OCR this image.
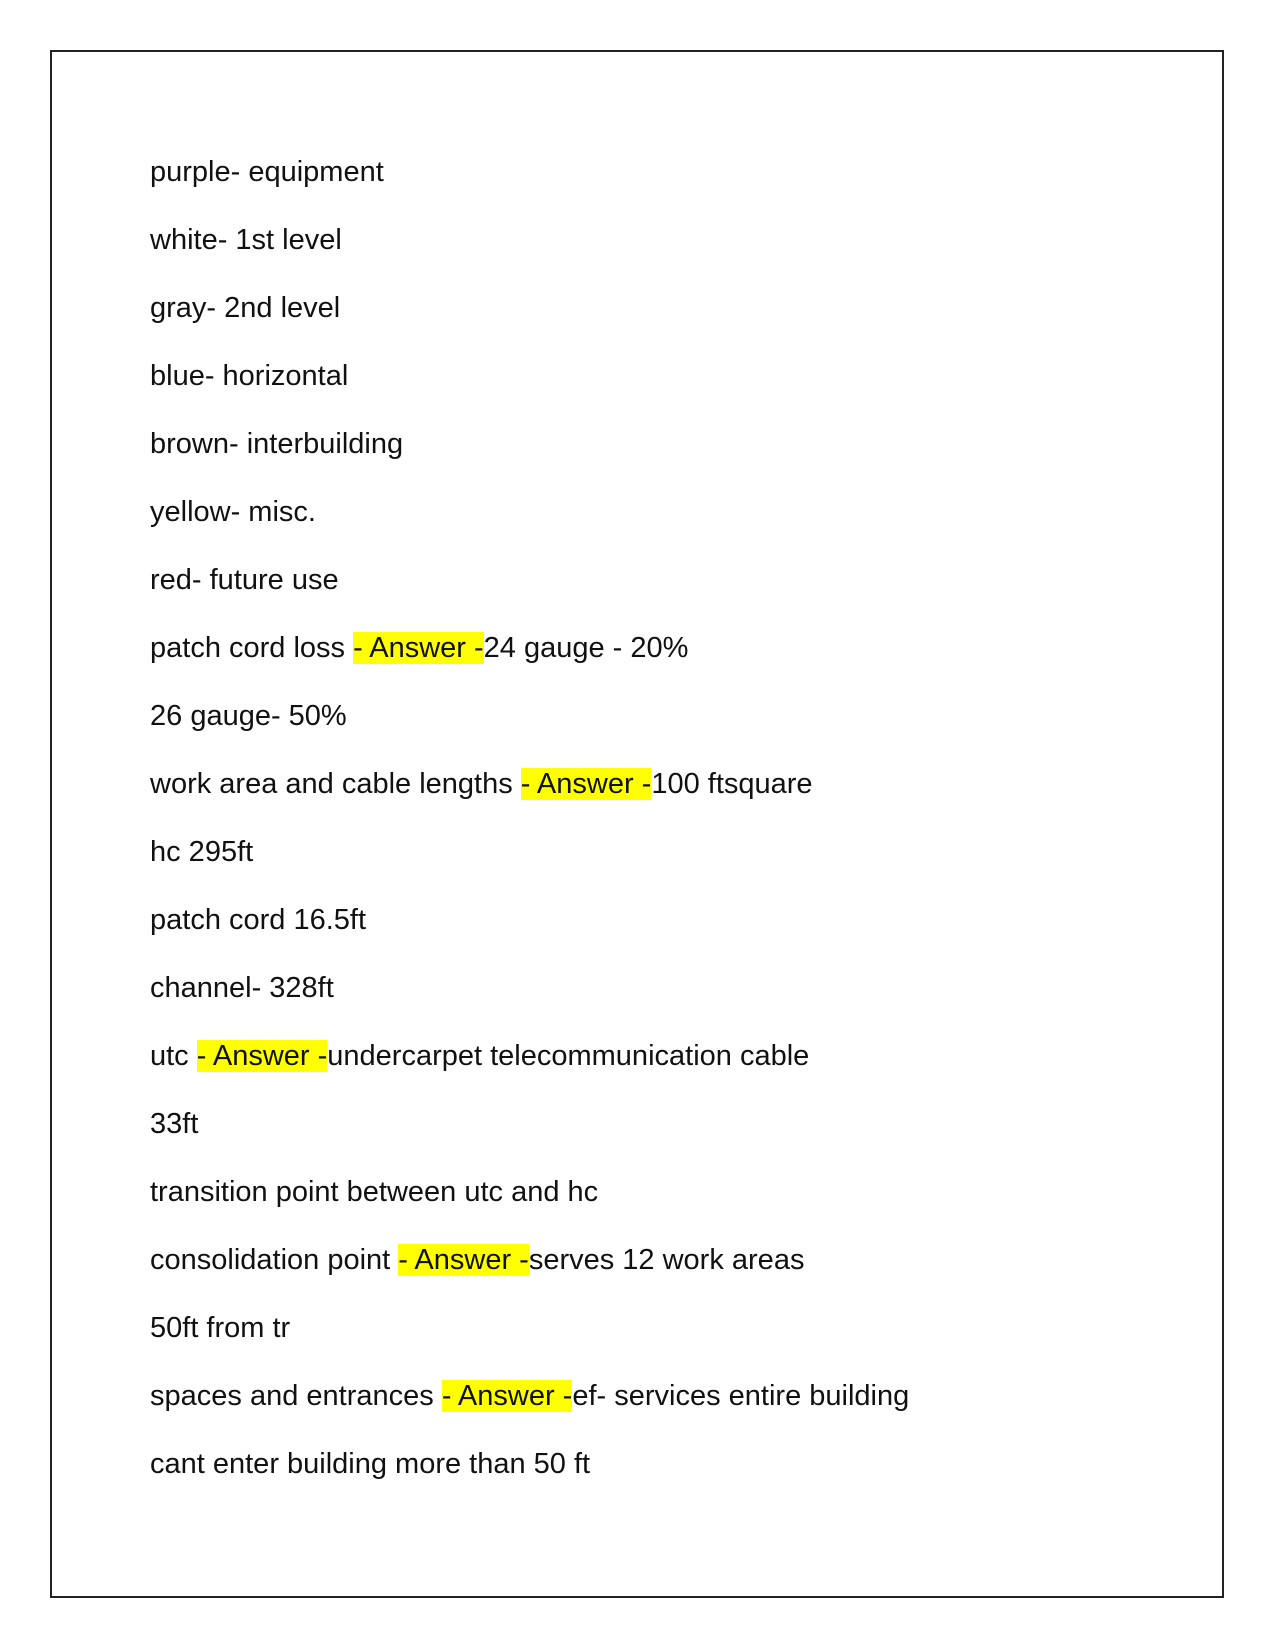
purple- equipment
white- 1st level
gray- 2nd level
blue- horizontal
brown- interbuilding
yellow- misc.
red- future use
patch cord loss - Answer -24 gauge - 20%
26 gauge- 50%
work area and cable lengths - Answer -100 ftsquare
hc 295ft
patch cord 16.5ft
channel- 328ft
utc - Answer -undercarpet telecommunication cable
33ft
transition point between utc and hc
consolidation point - Answer -serves 12 work areas
50ft from tr
spaces and entrances - Answer -ef- services entire building
cant enter building more than 50 ft
